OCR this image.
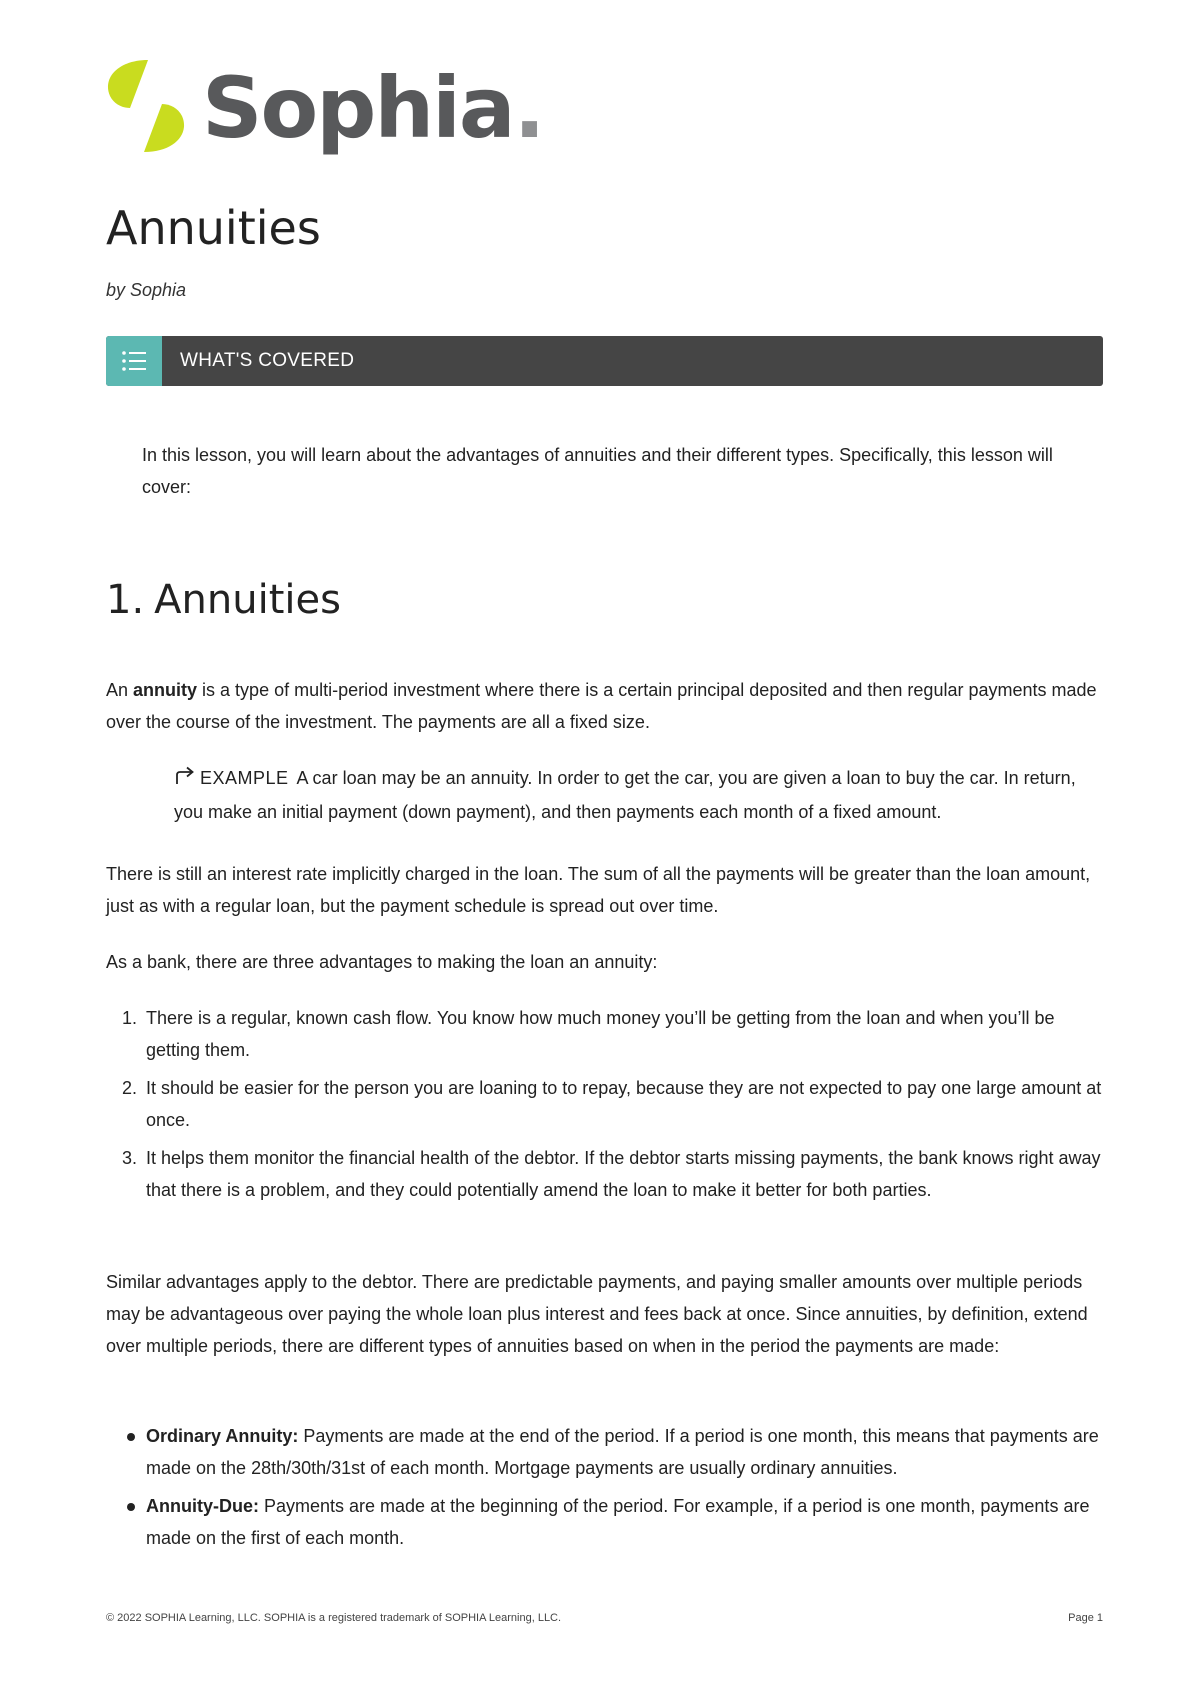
Sophia.
Annuities
by Sophia
WHAT'S COVERED

In this lesson, you will learn about the advantages of annuities and their different types. Specifically, this lesson will cover:

1. Annuities

An annuity is a type of multi-period investment where there is a certain principal deposited and then regular payments made over the course of the investment. The payments are all a fixed size.

EXAMPLE A car loan may be an annuity. In order to get the car, you are given a loan to buy the car. In return, you make an initial payment (down payment), and then payments each month of a fixed amount.

There is still an interest rate implicitly charged in the loan. The sum of all the payments will be greater than the loan amount, just as with a regular loan, but the payment schedule is spread out over time.

As a bank, there are three advantages to making the loan an annuity:

1. There is a regular, known cash flow. You know how much money you’ll be getting from the loan and when you’ll be getting them.
2. It should be easier for the person you are loaning to to repay, because they are not expected to pay one large amount at once.
3. It helps them monitor the financial health of the debtor. If the debtor starts missing payments, the bank knows right away that there is a problem, and they could potentially amend the loan to make it better for both parties.

Similar advantages apply to the debtor. There are predictable payments, and paying smaller amounts over multiple periods may be advantageous over paying the whole loan plus interest and fees back at once. Since annuities, by definition, extend over multiple periods, there are different types of annuities based on when in the period the payments are made:

Ordinary Annuity: Payments are made at the end of the period. If a period is one month, this means that payments are made on the 28th/30th/31st of each month. Mortgage payments are usually ordinary annuities.
Annuity-Due: Payments are made at the beginning of the period. For example, if a period is one month, payments are made on the first of each month.
© 2022 SOPHIA Learning, LLC. SOPHIA is a registered trademark of SOPHIA Learning, LLC.	Page 1
